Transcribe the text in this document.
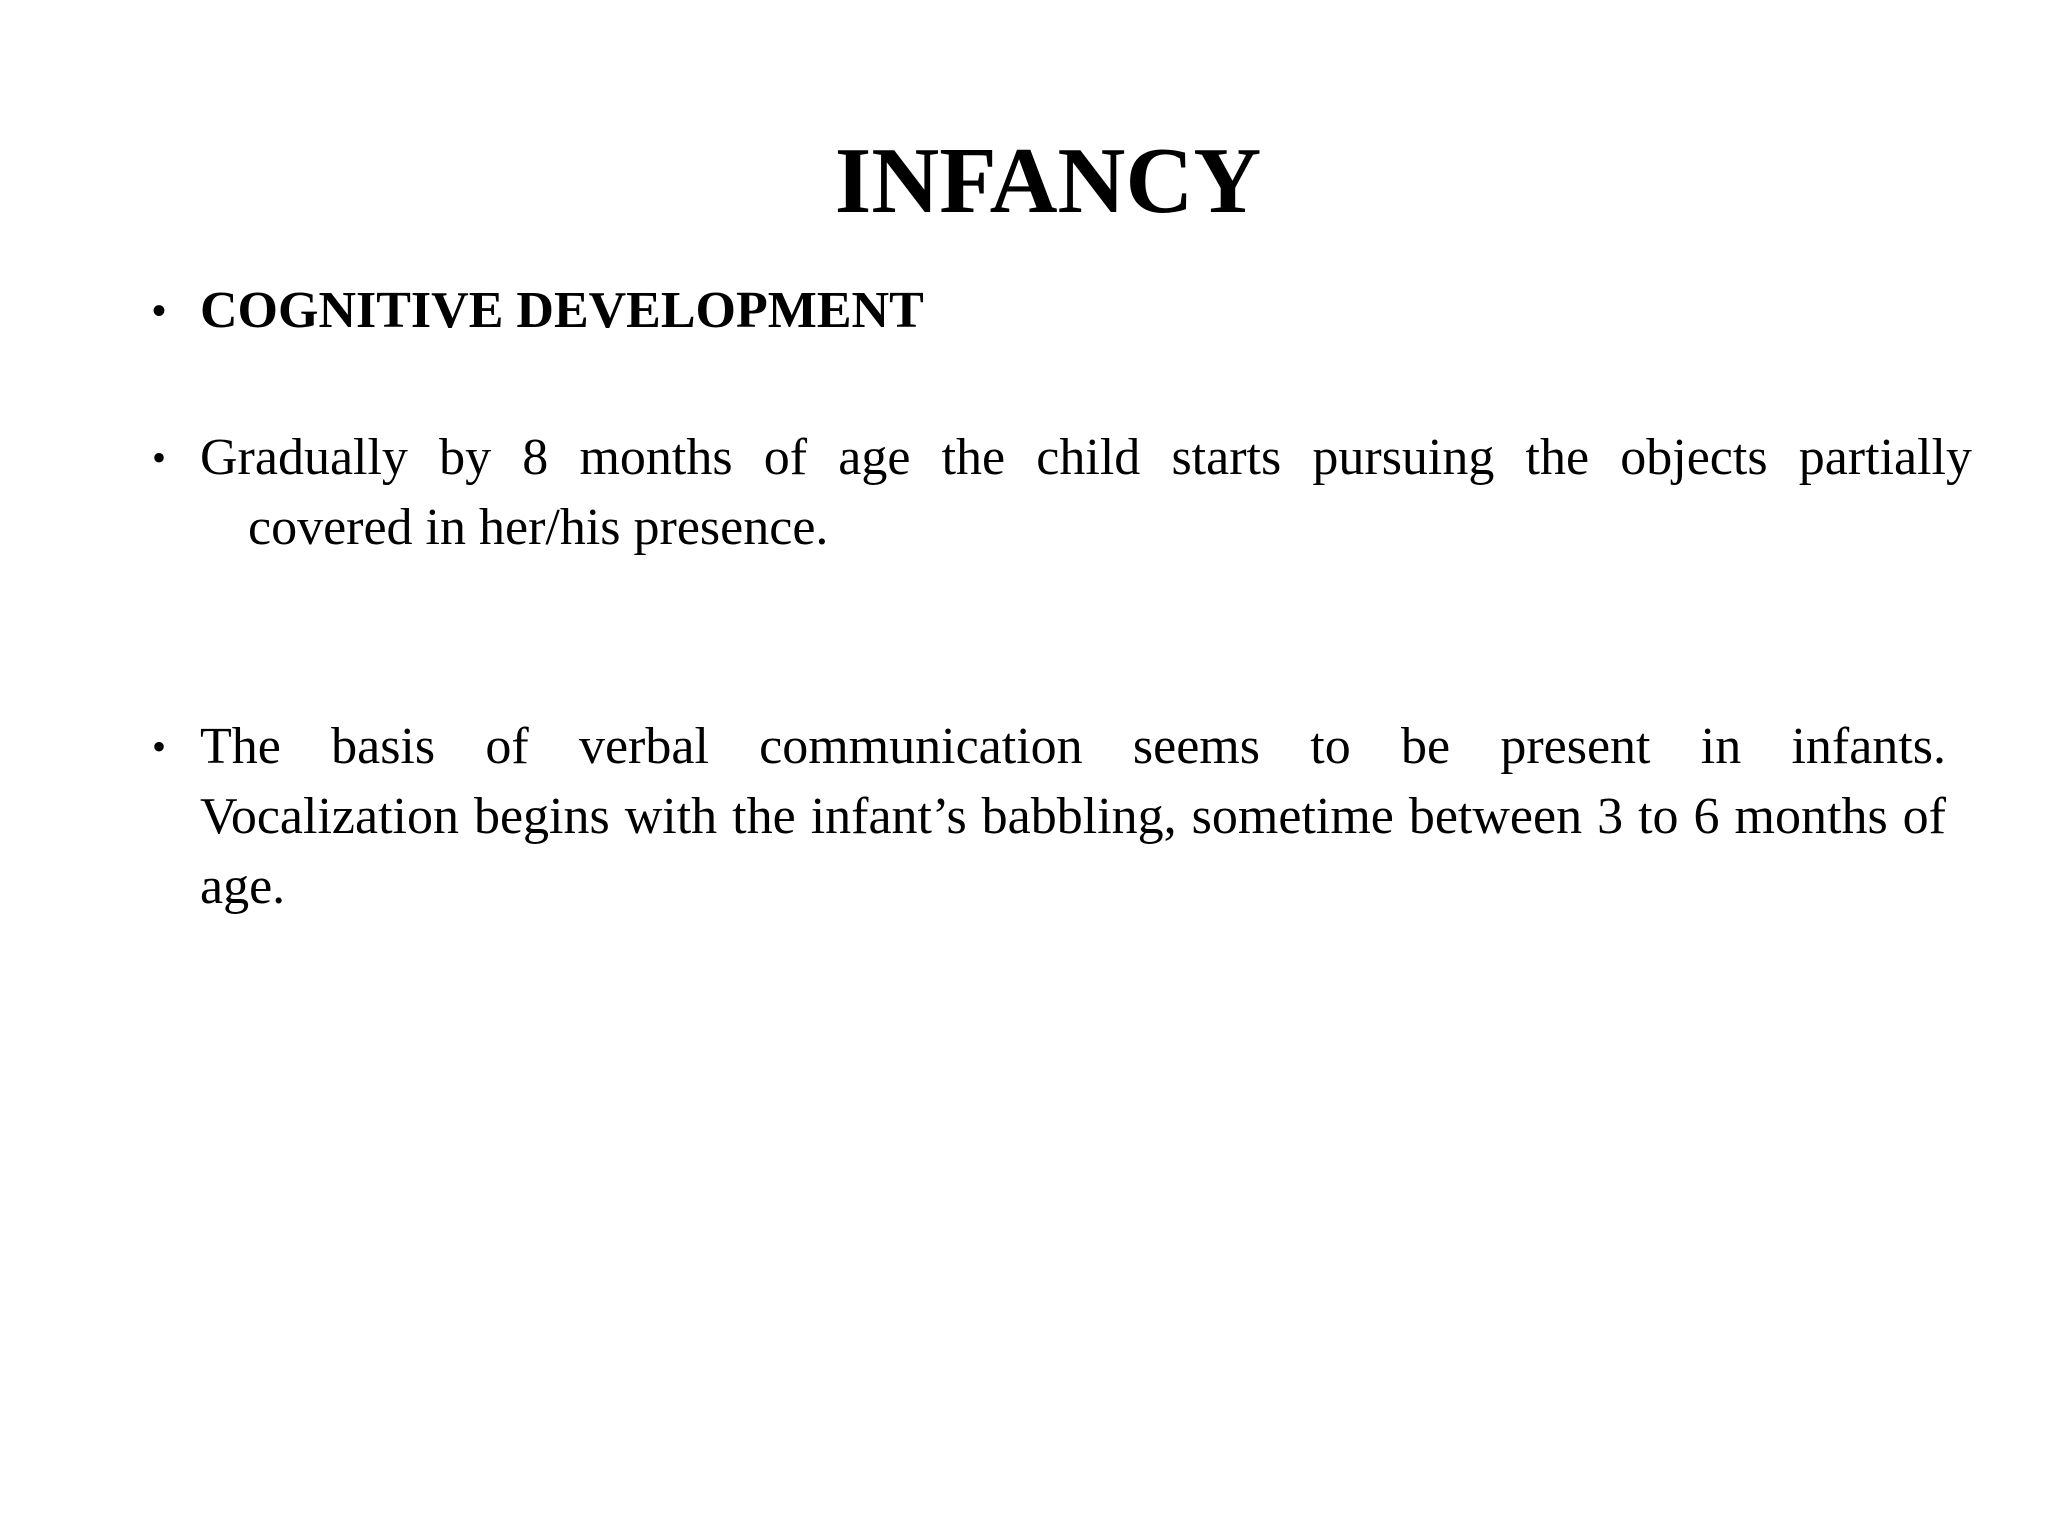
INFANCY
• COGNITIVE DEVELOPMENT
• Gradually by 8 months of age the child starts pursuing the objects partially
covered in her/his presence.
• The basis of verbal communication seems to be present in infants.
Vocalization begins with the infant’s babbling, sometime between 3 to 6 months of age.
